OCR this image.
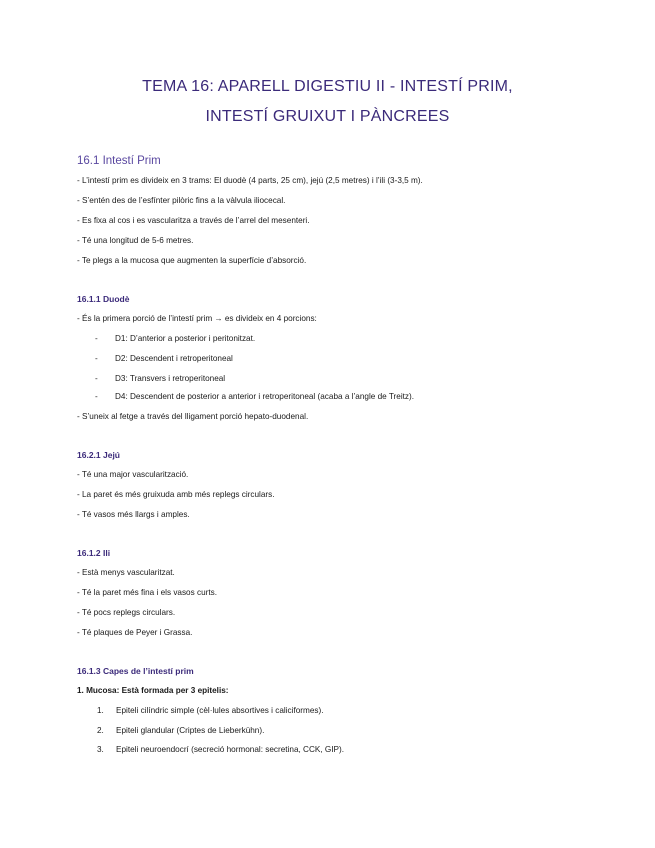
TEMA 16: APARELL DIGESTIU II - INTESTÍ PRIM,
INTESTÍ GRUIXUT I PÀNCREES
16.1 Intestí Prim
- L’intestí prim es divideix en 3 trams: El duodè (4 parts, 25 cm), jejú (2,5 metres) i l’ili (3-3,5 m).
- S’entén des de l’esfínter pilòric fins a la vàlvula iliocecal.
- Es fixa al cos i es vascularitza a través de l’arrel del mesenteri.
- Té una longitud de 5-6 metres.
- Te plegs a la mucosa que augmenten la superfície d’absorció.
16.1.1 Duodè
- És la primera porció de l’intestí prim → es divideix en 4 porcions:
- D1: D’anterior a posterior i peritonitzat.
- D2: Descendent i retroperitoneal
- D3: Transvers i retroperitoneal
- D4: Descendent de posterior a anterior i retroperitoneal (acaba a l’angle de Treitz).
- S’uneix al fetge a través del lligament porció hepato-duodenal.
16.2.1 Jejú
- Té una major vascularització.
- La paret és més gruixuda amb més replegs circulars.
- Té vasos més llargs i amples.
16.1.2 Ili
- Està menys vascularitzat.
- Té la paret més fina i els vasos curts.
- Té pocs replegs circulars.
- Té plaques de Peyer i Grassa.
16.1.3 Capes de l’intestí prim
1. Mucosa: Està formada per 3 epitelis:
1. Epiteli cilíndric simple (cèl·lules absortives i caliciformes).
2. Epiteli glandular (Criptes de Lieberkühn).
3. Epiteli neuroendocrí (secreció hormonal: secretina, CCK, GIP).
